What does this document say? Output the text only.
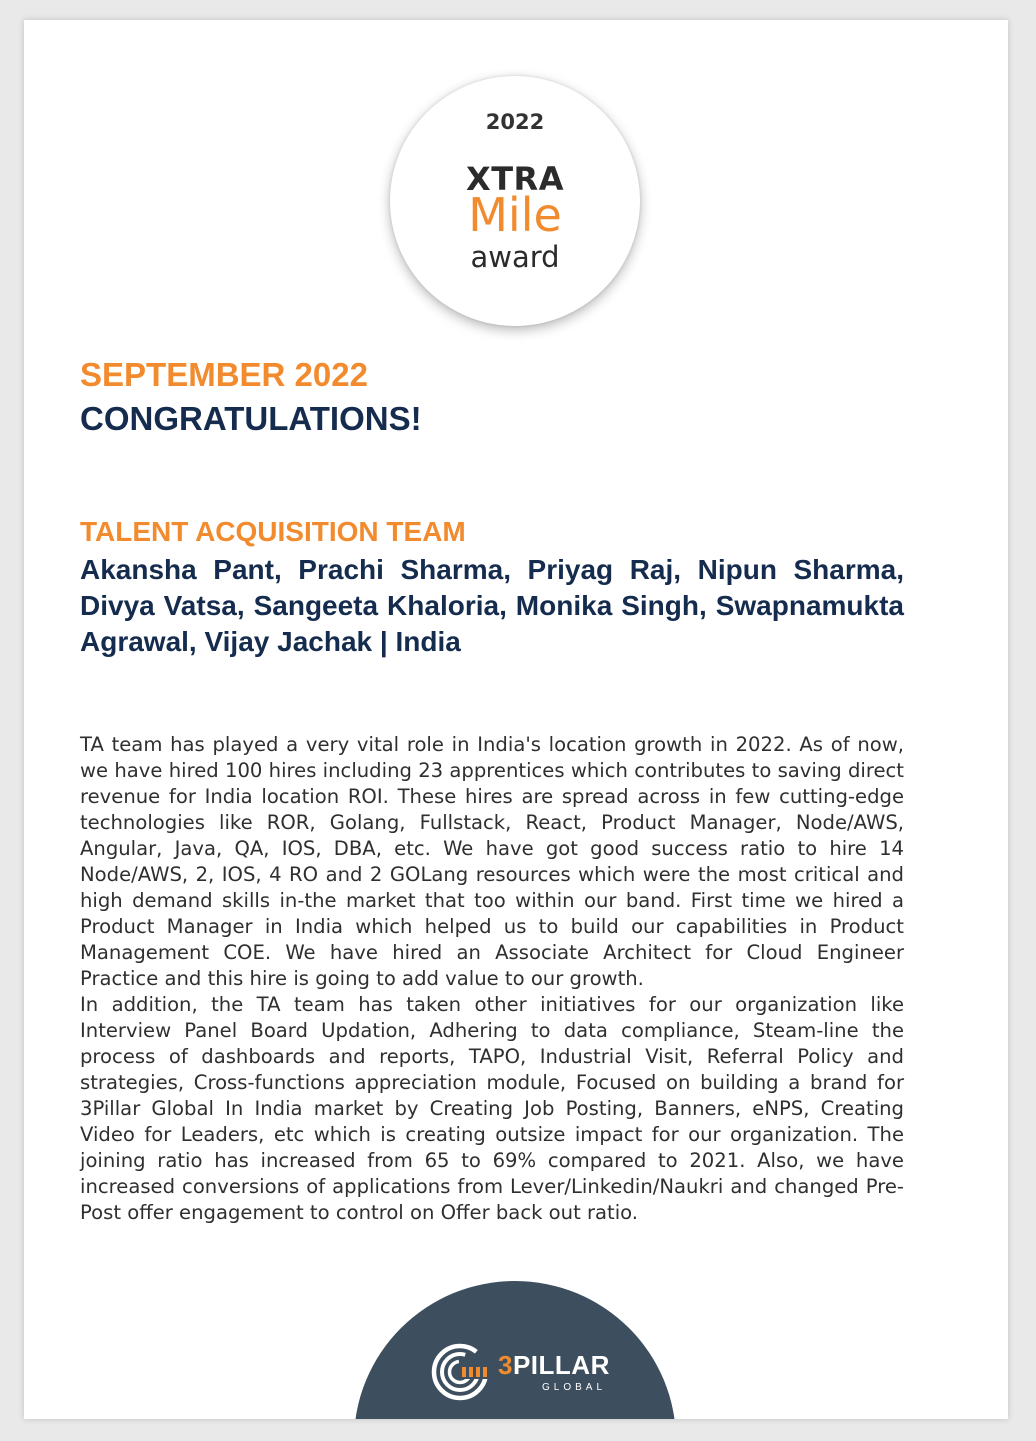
2022
XTRA
Mile
award
SEPTEMBER 2022
CONGRATULATIONS!
TALENT ACQUISITION TEAM
Akansha Pant, Prachi Sharma, Priyag Raj, Nipun Sharma, Divya Vatsa, Sangeeta Khaloria, Monika Singh, Swapnamukta Agrawal, Vijay Jachak | India

TA team has played a very vital role in India's location growth in 2022. As of now, we have hired 100 hires including 23 apprentices which contributes to saving direct revenue for India location ROI. These hires are spread across in few cutting-edge technologies like ROR, Golang, Fullstack, React, Product Manager, Node/AWS, Angular, Java, QA, IOS, DBA, etc. We have got good success ratio to hire 14 Node/AWS, 2, IOS, 4 RO and 2 GOLang resources which were the most critical and high demand skills in-the market that too within our band. First time we hired a Product Manager in India which helped us to build our capabilities in Product Management COE. We have hired an Associate Architect for Cloud Engineer Practice and this hire is going to add value to our growth.

In addition, the TA team has taken other initiatives for our organization like Interview Panel Board Updation, Adhering to data compliance, Steam-line the process of dashboards and reports, TAPO, Industrial Visit, Referral Policy and strategies, Cross-functions appreciation module, Focused on building a brand for 3Pillar Global In India market by Creating Job Posting, Banners, eNPS, Creating Video for Leaders, etc which is creating outsize impact for our organization. The joining ratio has increased from 65 to 69% compared to 2021. Also, we have increased conversions of applications from Lever/Linkedin/Naukri and changed Pre-Post offer engagement to control on Offer back out ratio.

3PILLAR
GLOBAL
